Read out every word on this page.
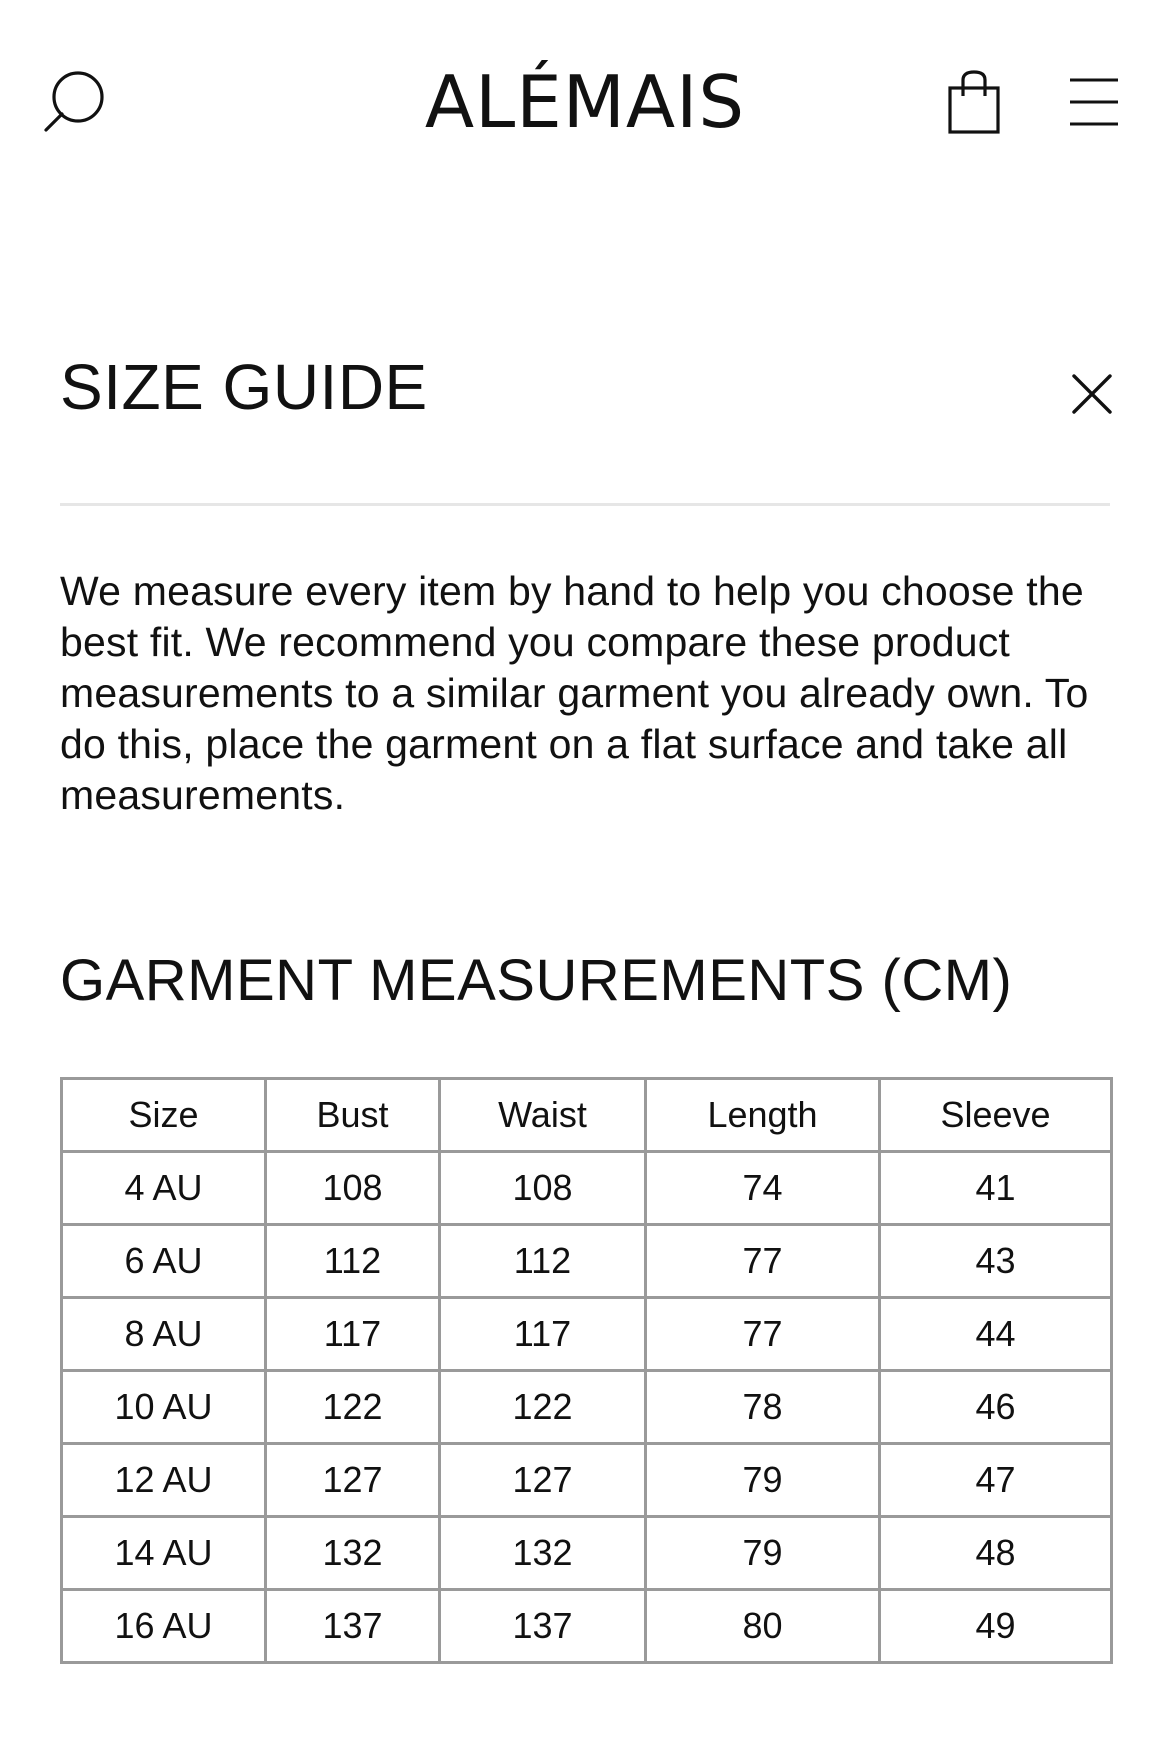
ALÉMAIS
SIZE GUIDE

We measure every item by hand to help you choose the best fit. We recommend you compare these product measurements to a similar garment you already own. To do this, place the garment on a flat surface and take all measurements.

GARMENT MEASUREMENTS (CM)
Size	Bust	Waist	Length	Sleeve
4 AU	108	108	74	41
6 AU	112	112	77	43
8 AU	117	117	77	44
10 AU	122	122	78	46
12 AU	127	127	79	47
14 AU	132	132	79	48
16 AU	137	137	80	49
